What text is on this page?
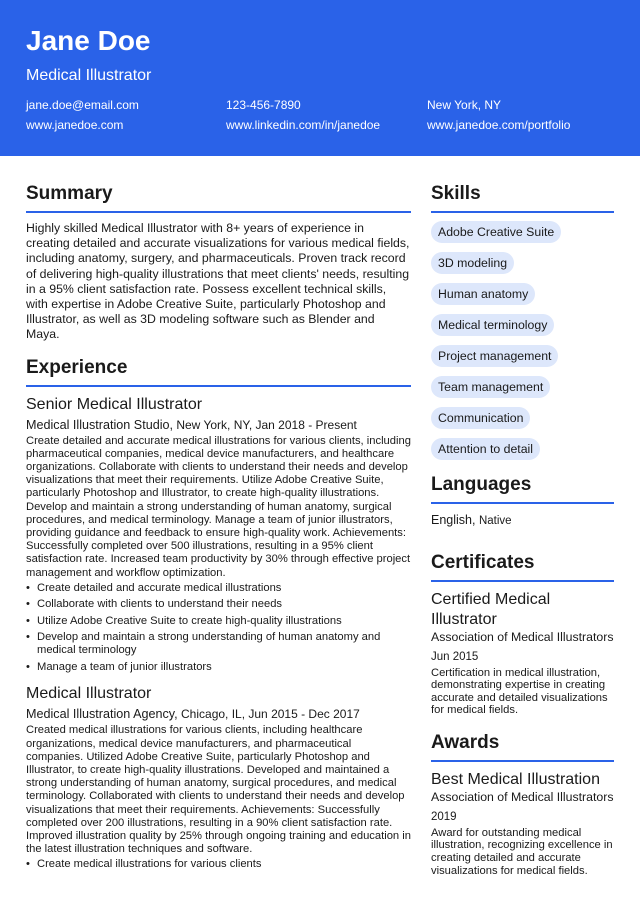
Jane Doe
Medical Illustrator
jane.doe@email.com	123-456-7890	New York, NY
www.janedoe.com	www.linkedin.com/in/janedoe	www.janedoe.com/portfolio
Summary

Highly skilled Medical Illustrator with 8+ years of experience in creating detailed and accurate visualizations for various medical fields, including anatomy, surgery, and pharmaceuticals. Proven track record of delivering high-quality illustrations that meet clients' needs, resulting in a 95% client satisfaction rate. Possess excellent technical skills, with expertise in Adobe Creative Suite, particularly Photoshop and Illustrator, as well as 3D modeling software such as Blender and Maya.

Experience
Senior Medical Illustrator
Medical Illustration Studio, New York, NY, Jan 2018 - Present

Create detailed and accurate medical illustrations for various clients, including pharmaceutical companies, medical device manufacturers, and healthcare organizations. Collaborate with clients to understand their needs and develop visualizations that meet their requirements. Utilize Adobe Creative Suite, particularly Photoshop and Illustrator, to create high-quality illustrations. Develop and maintain a strong understanding of human anatomy, surgical procedures, and medical terminology. Manage a team of junior illustrators, providing guidance and feedback to ensure high-quality work. Achievements: Successfully completed over 500 illustrations, resulting in a 95% client satisfaction rate. Increased team productivity by 30% through effective project management and workflow optimization.

• Create detailed and accurate medical illustrations
• Collaborate with clients to understand their needs
• Utilize Adobe Creative Suite to create high-quality illustrations
• Develop and maintain a strong understanding of human anatomy and medical terminology
• Manage a team of junior illustrators
Medical Illustrator
Medical Illustration Agency, Chicago, IL, Jun 2015 - Dec 2017

Created medical illustrations for various clients, including healthcare organizations, medical device manufacturers, and pharmaceutical companies. Utilized Adobe Creative Suite, particularly Photoshop and Illustrator, to create high-quality illustrations. Developed and maintained a strong understanding of human anatomy, surgical procedures, and medical terminology. Collaborated with clients to understand their needs and develop visualizations that meet their requirements. Achievements: Successfully completed over 200 illustrations, resulting in a 90% client satisfaction rate. Improved illustration quality by 25% through ongoing training and education in the latest illustration techniques and software.

• Create medical illustrations for various clients
Skills
Adobe Creative Suite
3D modeling
Human anatomy
Medical terminology
Project management
Team management
Communication
Attention to detail
Languages
English, Native
Certificates
Certified Medical Illustrator
Association of Medical Illustrators
Jun 2015

Certification in medical illustration, demonstrating expertise in creating accurate and detailed visualizations for medical fields.

Awards
Best Medical Illustration
Association of Medical Illustrators
2019

Award for outstanding medical illustration, recognizing excellence in creating detailed and accurate visualizations for medical fields.
